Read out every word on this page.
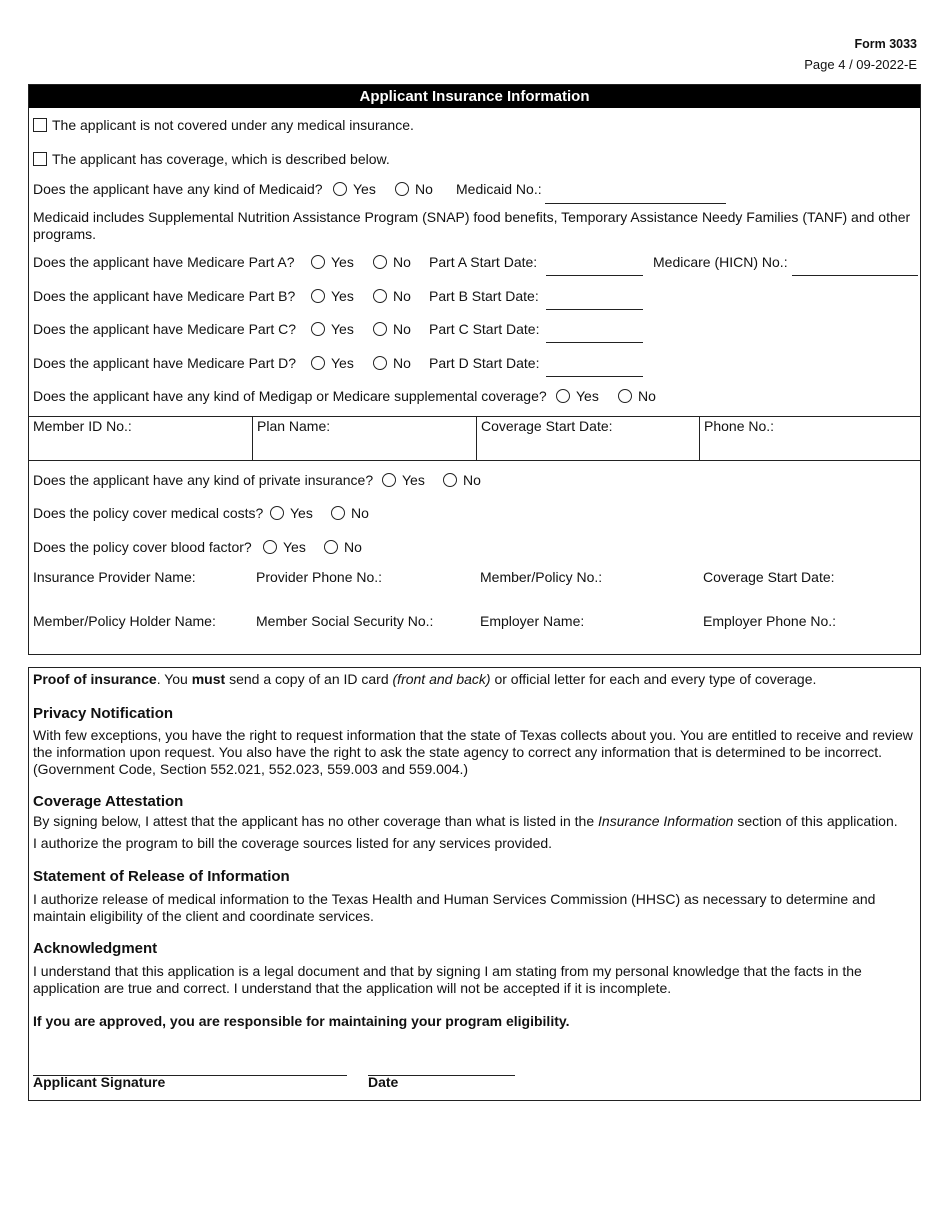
Form 3033
Page 4 / 09-2022-E
Applicant Insurance Information
The applicant is not covered under any medical insurance.
The applicant has coverage, which is described below.
Does the applicant have any kind of Medicaid?	Yes	No Medicaid No.:
Medicaid includes Supplemental Nutrition Assistance Program (SNAP) food benefits, Temporary Assistance Needy Families (TANF) and other programs.
Does the applicant have Medicare Part A?	Yes	No Part A Start Date:	Medicare (HICN) No.:
Does the applicant have Medicare Part B?	Yes	No Part B Start Date:
Does the applicant have Medicare Part C?	Yes	No Part C Start Date:
Does the applicant have Medicare Part D?	Yes	No Part D Start Date:
Does the applicant have any kind of Medigap or Medicare supplemental coverage?	Yes	No
Member ID No.:	Plan Name:	Coverage Start Date:	Phone No.:
Does the applicant have any kind of private insurance?	Yes	No
Does the policy cover medical costs?	Yes	No
Does the policy cover blood factor?	Yes	No
Insurance Provider Name:	Provider Phone No.:	Member/Policy No.:	Coverage Start Date:
Member/Policy Holder Name:	Member Social Security No.:	Employer Name:	Employer Phone No.:
Proof of insurance. You must send a copy of an ID card (front and back) or official letter for each and every type of coverage.
Privacy Notification
With few exceptions, you have the right to request information that the state of Texas collects about you. You are entitled to receive and review the information upon request. You also have the right to ask the state agency to correct any information that is determined to be incorrect. (Government Code, Section 552.021, 552.023, 559.003 and 559.004.)
Coverage Attestation
By signing below, I attest that the applicant has no other coverage than what is listed in the Insurance Information section of this application.
I authorize the program to bill the coverage sources listed for any services provided.
Statement of Release of Information
I authorize release of medical information to the Texas Health and Human Services Commission (HHSC) as necessary to determine and maintain eligibility of the client and coordinate services.
Acknowledgment
I understand that this application is a legal document and that by signing I am stating from my personal knowledge that the facts in the application are true and correct. I understand that the application will not be accepted if it is incomplete.
If you are approved, you are responsible for maintaining your program eligibility.
Applicant Signature	Date
